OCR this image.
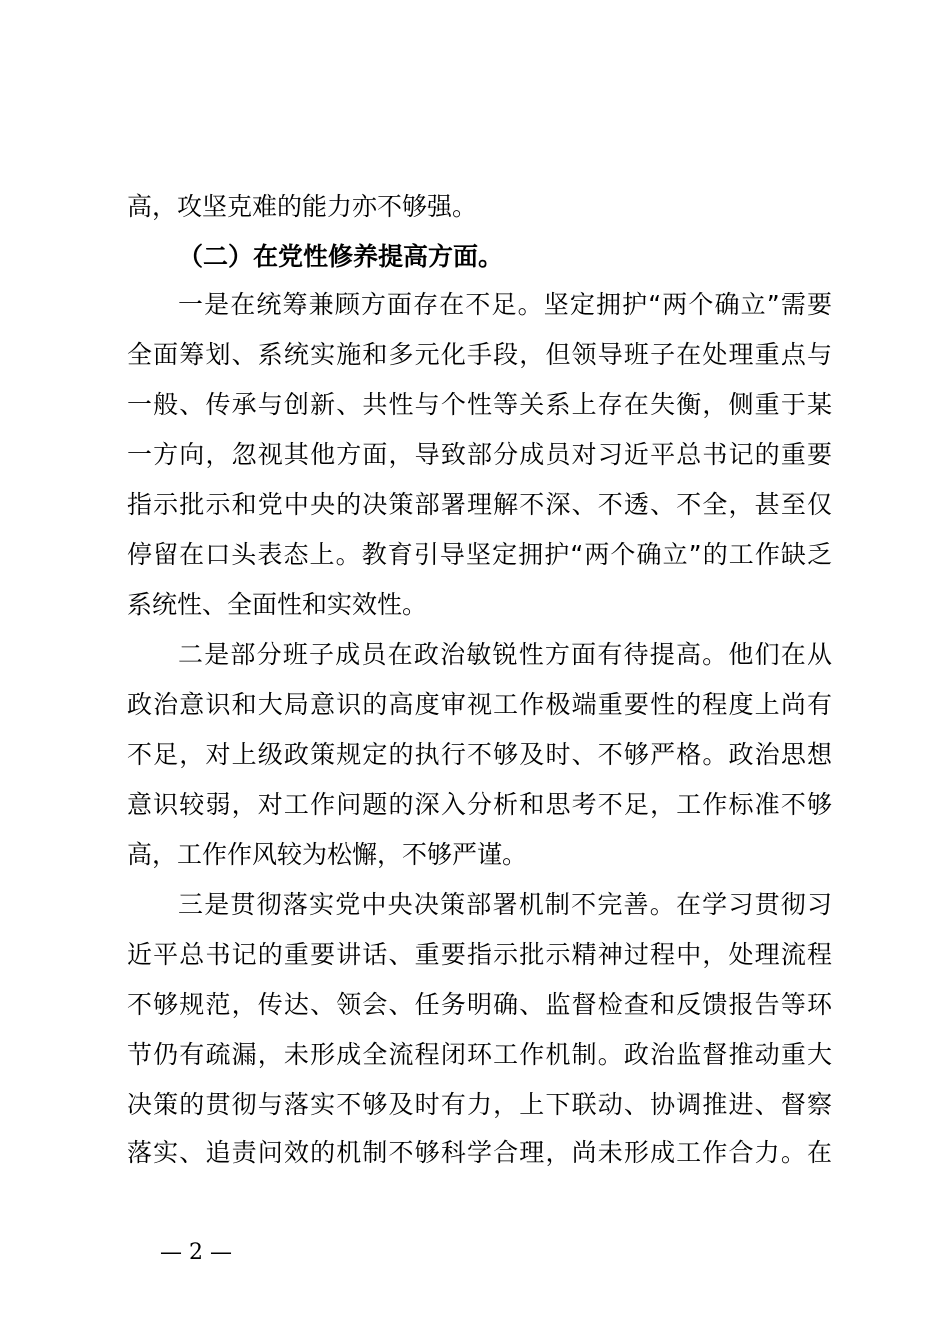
高，攻坚克难的能力亦不够强。
（二）在党性修养提高方面。
一是在统筹兼顾方面存在不足。坚定拥护“两个确立”需要
全面筹划、系统实施和多元化手段，但领导班子在处理重点与
一般、传承与创新、共性与个性等关系上存在失衡，侧重于某
一方向，忽视其他方面，导致部分成员对习近平总书记的重要
指示批示和党中央的决策部署理解不深、不透、不全，甚至仅
停留在口头表态上。教育引导坚定拥护“两个确立”的工作缺乏
系统性、全面性和实效性。
二是部分班子成员在政治敏锐性方面有待提高。他们在从
政治意识和大局意识的高度审视工作极端重要性的程度上尚有
不足，对上级政策规定的执行不够及时、不够严格。政治思想
意识较弱，对工作问题的深入分析和思考不足，工作标准不够
高，工作作风较为松懈，不够严谨。
三是贯彻落实党中央决策部署机制不完善。在学习贯彻习
近平总书记的重要讲话、重要指示批示精神过程中，处理流程
不够规范，传达、领会、任务明确、监督检查和反馈报告等环
节仍有疏漏，未形成全流程闭环工作机制。政治监督推动重大
决策的贯彻与落实不够及时有力，上下联动、协调推进、督察
落实、追责问效的机制不够科学合理，尚未形成工作合力。在
— 2 —
